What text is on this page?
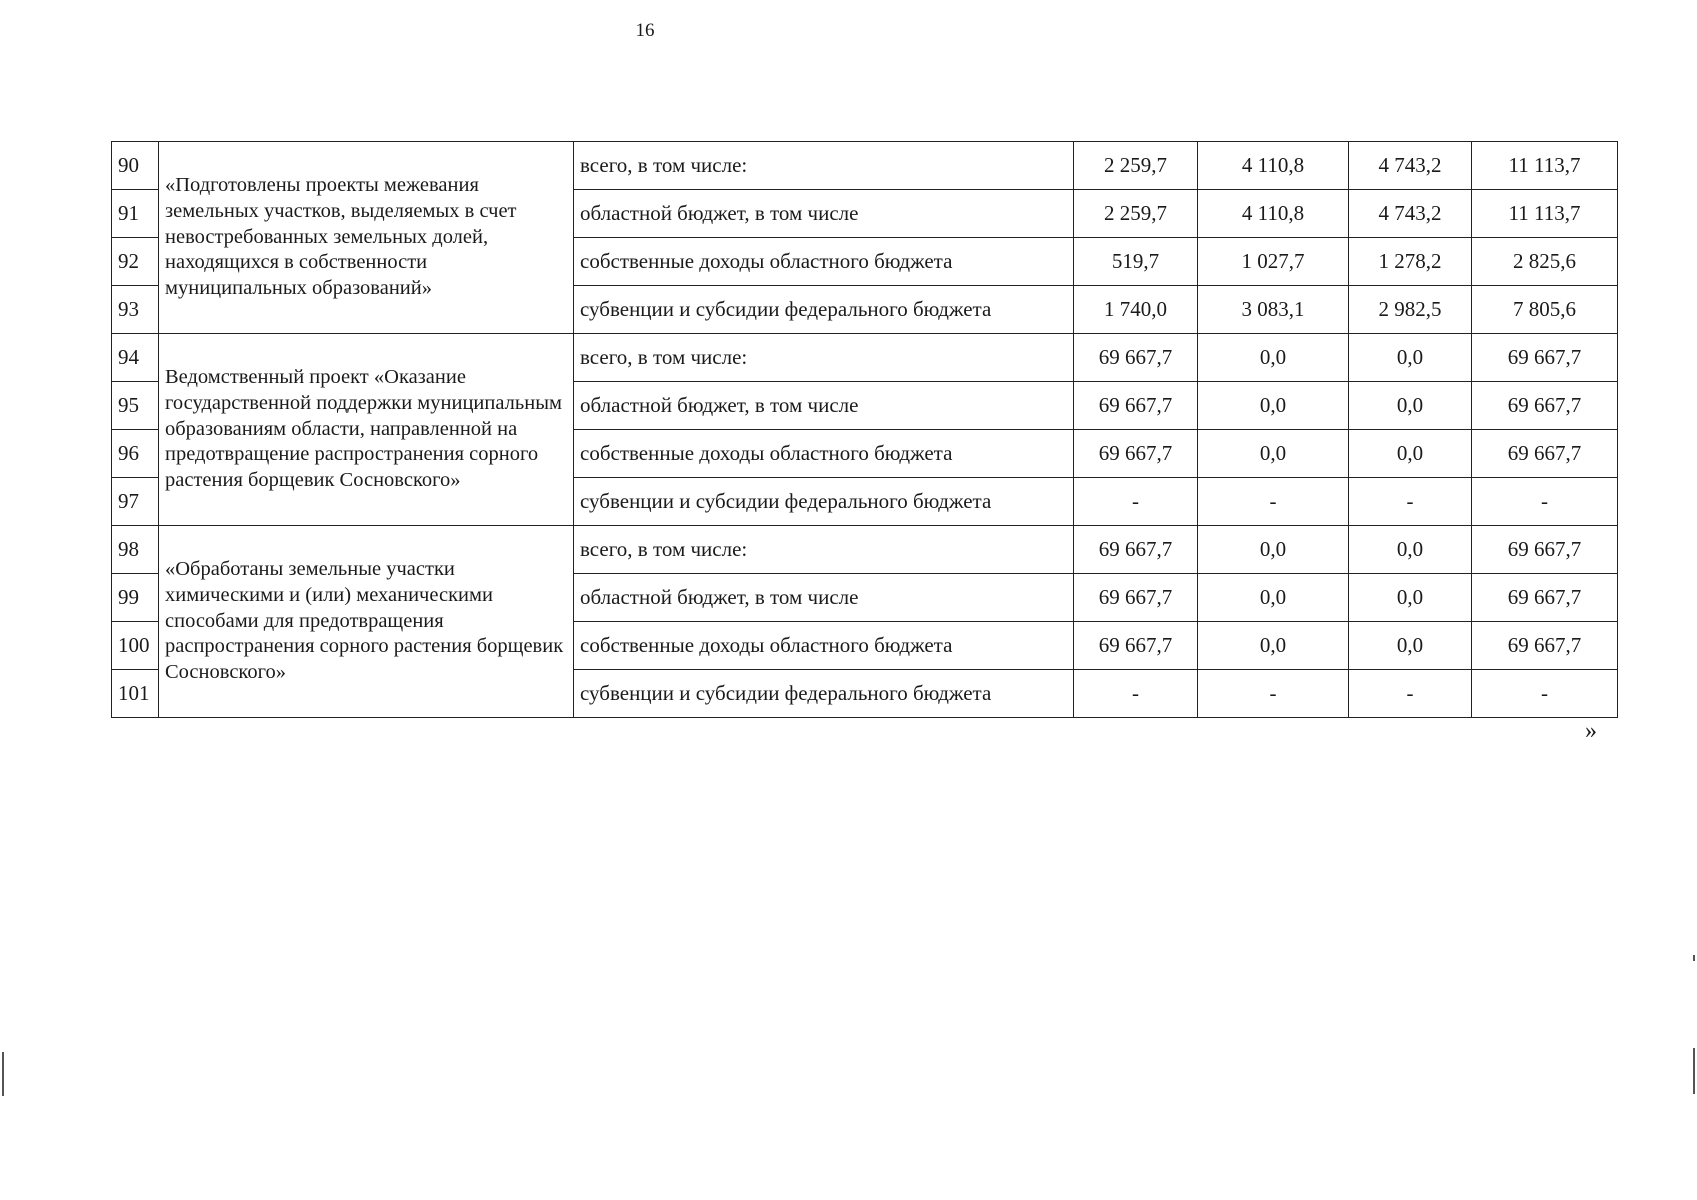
16
90	«Подготовлены проекты межевания земельных участков, выделяемых в счет невостребованных земельных долей, находящихся в собственности муниципальных образований»	всего, в том числе:	2 259,7	4 110,8	4 743,2	11 113,7
91		областной бюджет, в том числе	2 259,7	4 110,8	4 743,2	11 113,7
92		собственные доходы областного бюджета	519,7	1 027,7	1 278,2	2 825,6
93		субвенции и субсидии федерального бюджета	1 740,0	3 083,1	2 982,5	7 805,6
94	Ведомственный проект «Оказание государственной поддержки муниципальным образованиям области, направленной на предотвращение распространения сорного растения борщевик Сосновского»	всего, в том числе:	69 667,7	0,0	0,0	69 667,7
95		областной бюджет, в том числе	69 667,7	0,0	0,0	69 667,7
96		собственные доходы областного бюджета	69 667,7	0,0	0,0	69 667,7
97		субвенции и субсидии федерального бюджета	-	-	-	-
98	«Обработаны земельные участки химическими и (или) механическими способами для предотвращения распространения сорного растения борщевик Сосновского»	всего, в том числе:	69 667,7	0,0	0,0	69 667,7
99		областной бюджет, в том числе	69 667,7	0,0	0,0	69 667,7
100		собственные доходы областного бюджета	69 667,7	0,0	0,0	69 667,7
101		субвенции и субсидии федерального бюджета	-	-	-	-
»
